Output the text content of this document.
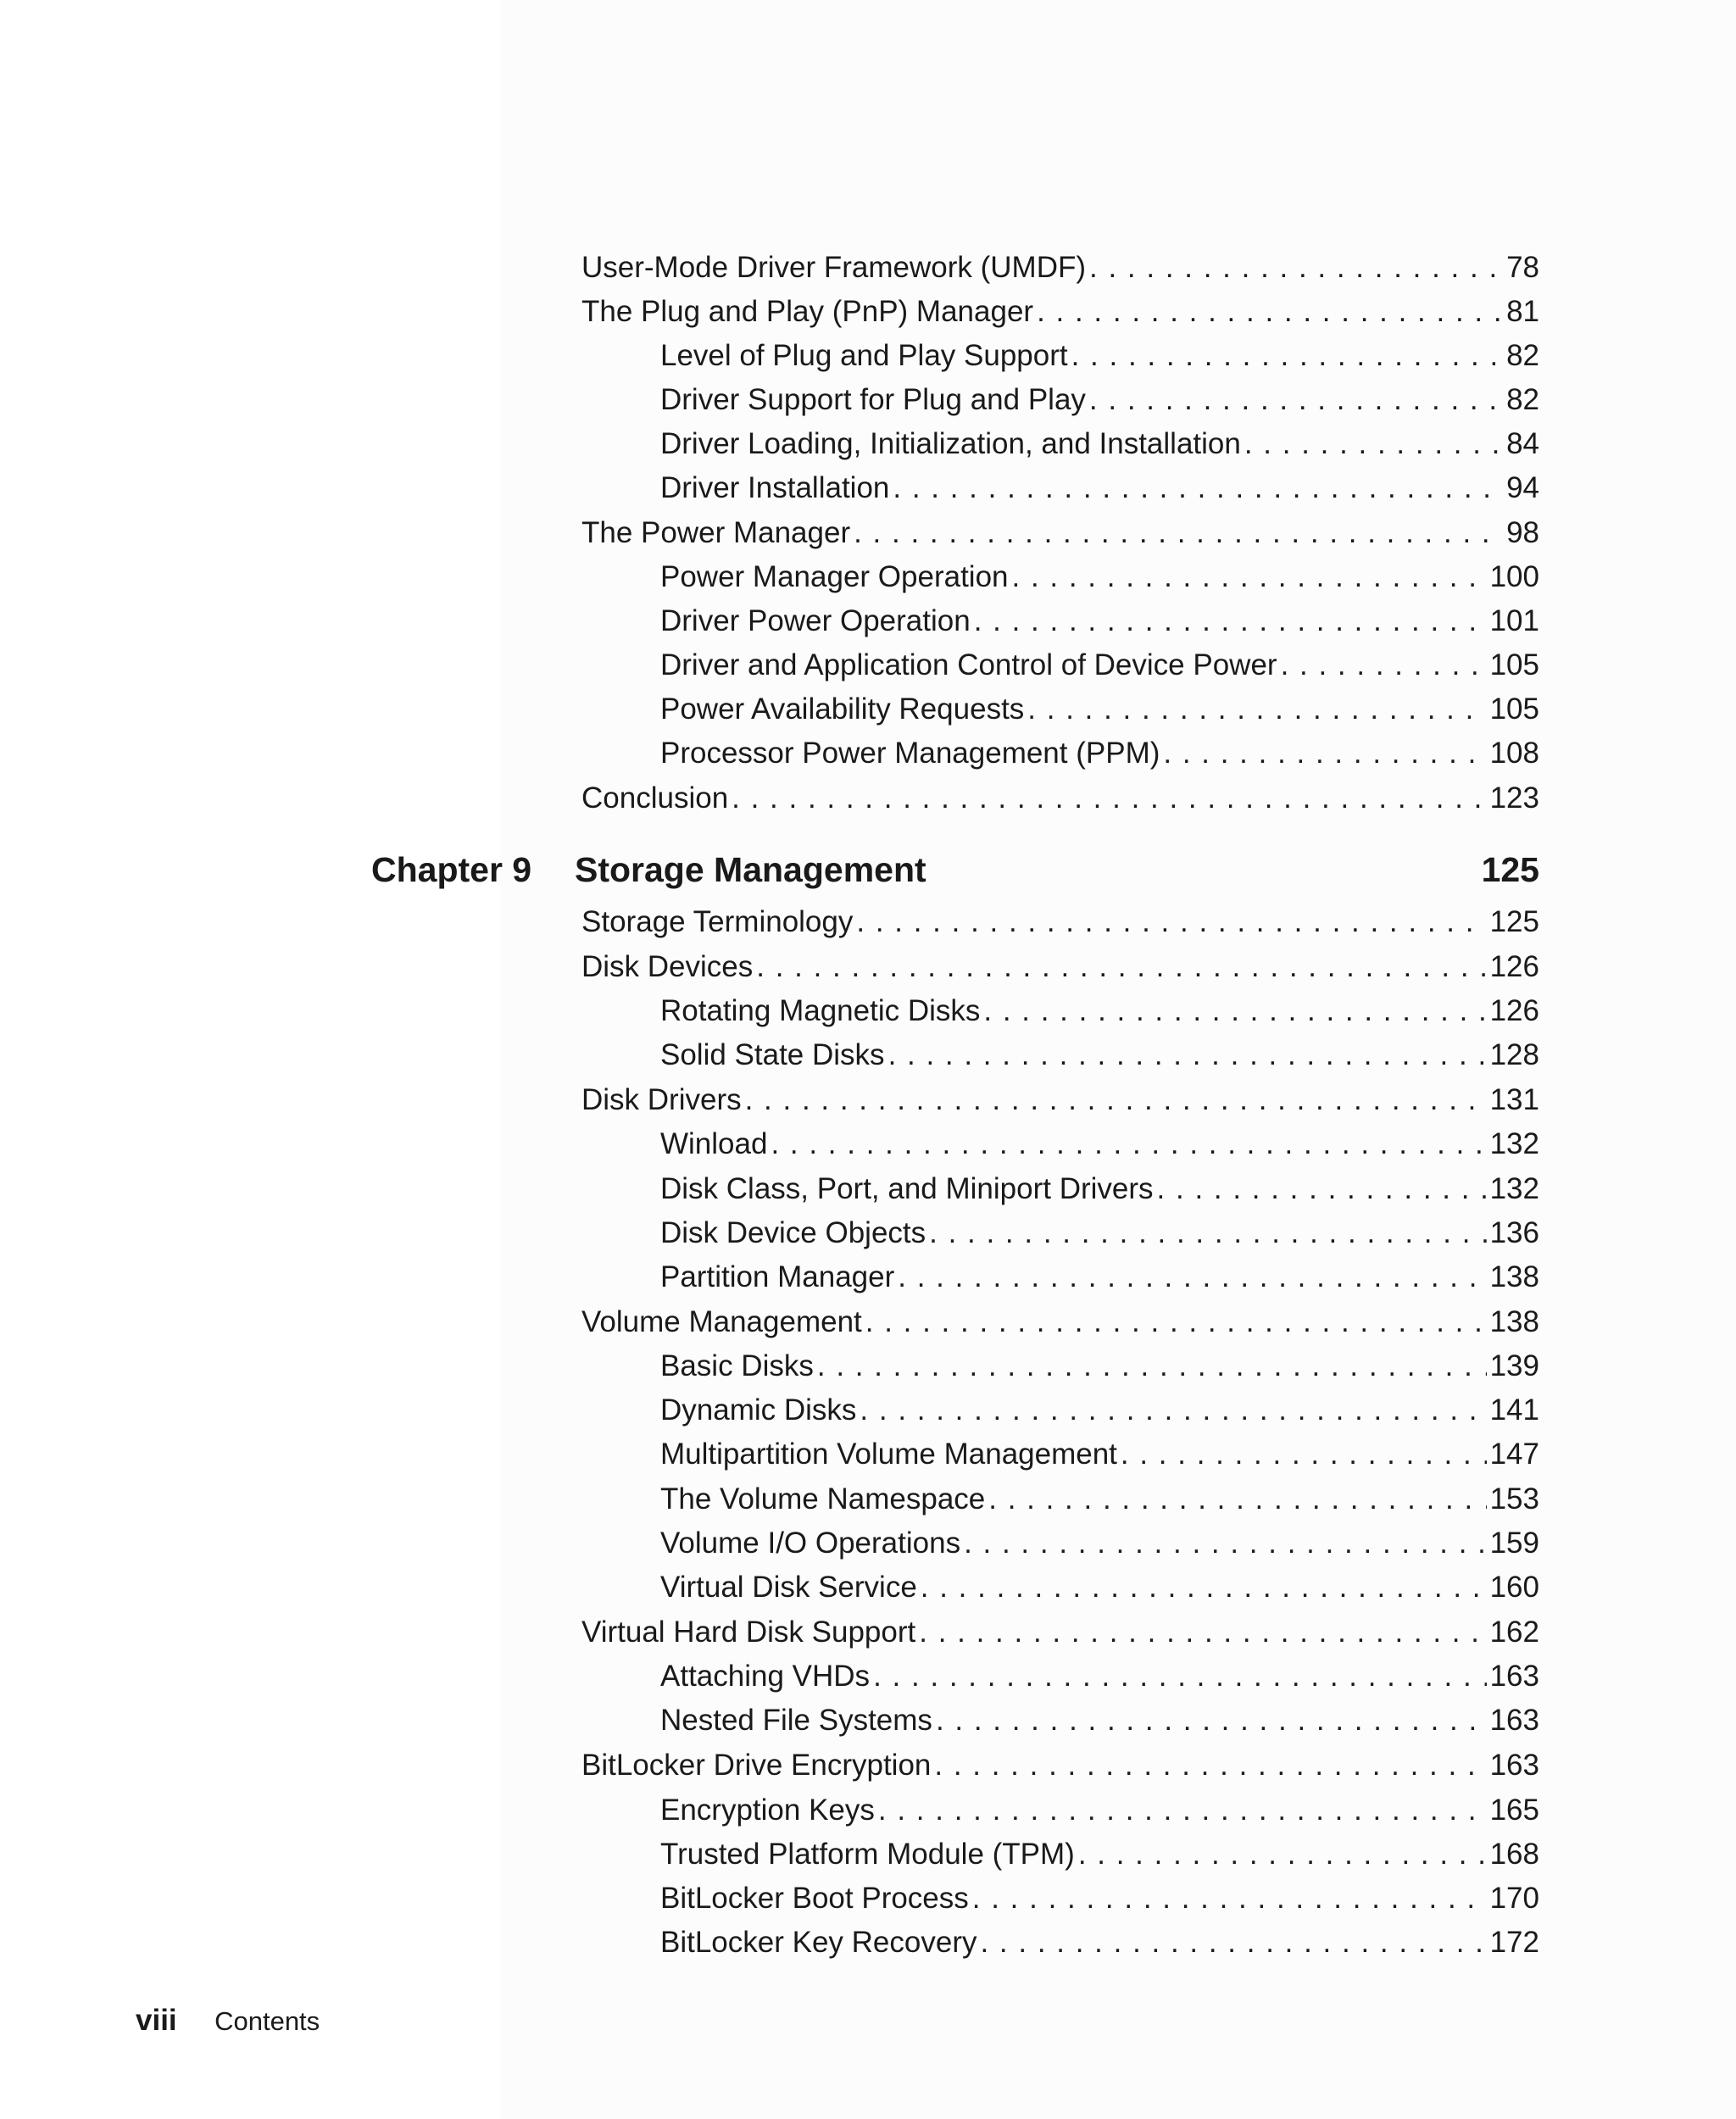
User-Mode Driver Framework (UMDF) . . .	78
The Plug and Play (PnP) Manager . . .	81
Level of Plug and Play Support . . .	82
Driver Support for Plug and Play . . .	82
Driver Loading, Initialization, and Installation . . .	84
Driver Installation . . .	94
The Power Manager . . .	98
Power Manager Operation . . .	100
Driver Power Operation . . .	101
Driver and Application Control of Device Power . . .	105
Power Availability Requests . . .	105
Processor Power Management (PPM) . . .	108
Conclusion . . .	123
Chapter 9 Storage Management	125
Storage Terminology . . .	125
Disk Devices . . .	126
Rotating Magnetic Disks . . .	126
Solid State Disks . . .	128
Disk Drivers . . .	131
Winload . . .	132
Disk Class, Port, and Miniport Drivers . . .	132
Disk Device Objects . . .	136
Partition Manager . . .	138
Volume Management . . .	138
Basic Disks . . .	139
Dynamic Disks . . .	141
Multipartition Volume Management . . .	147
The Volume Namespace . . .	153
Volume I/O Operations . . .	159
Virtual Disk Service . . .	160
Virtual Hard Disk Support . . .	162
Attaching VHDs . . .	163
Nested File Systems . . .	163
BitLocker Drive Encryption . . .	163
Encryption Keys . . .	165
Trusted Platform Module (TPM) . . .	168
BitLocker Boot Process . . .	170
BitLocker Key Recovery . . .	172
viii Contents
